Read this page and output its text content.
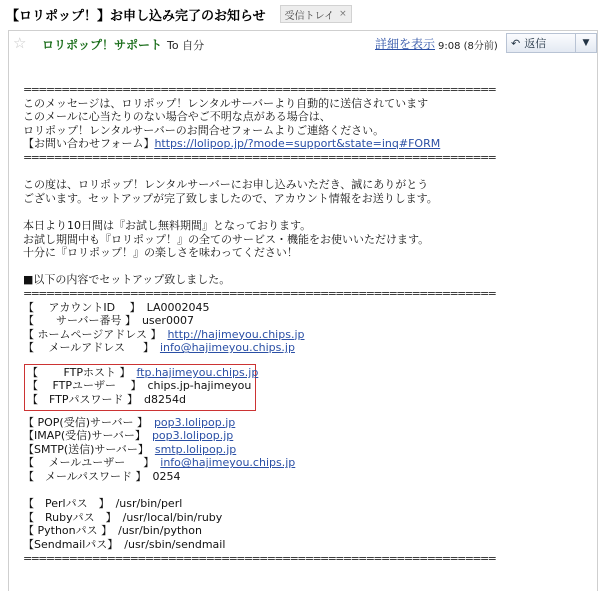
【ロリポップ！】お申し込み完了のお知らせ 受信トレイ ×
☆ ロリポップ！サポート To 自分	詳細を表示 9:08 (8分前) ↶ 返信	▼
==============================================================
このメッセージは、ロリポップ！レンタルサーバーより自動的に送信されています
このメールに心当たりのない場合やご不明な点がある場合は、
ロリポップ！レンタルサーバーのお問合せフォームよりご連絡ください。
【お問い合わせフォーム】https://lolipop.jp/?mode=support&state=inq#FORM
==============================================================
この度は、ロリポップ！レンタルサーバーにお申し込みいただき、誠にありがとう
ございます。セットアップが完了致しましたので、アカウント情報をお送りします。
本日より10日間は『お試し無料期間』となっております。
お試し期間中も『ロリポップ！』の全てのサービス・機能をお使いいただけます。
十分に『ロリポップ！』の楽しさを味わってください！
■以下の内容でセットアップ致しました。
==============================================================
【　 アカウントID　 】 LA0002045
【　　サーバー番号 】 user0007
【 ホームページアドレス 】 http://hajimeyou.chips.jp
【　 メールアドレス　  】 info@hajimeyou.chips.jp
【　　 FTPホスト 】 ftp.hajimeyou.chips.jp
【　 FTPユーザー　 】 chips.jp-hajimeyou
【　FTPパスワード 】 d8254d
【 POP(受信)サーバー 】 pop3.lolipop.jp
【IMAP(受信)サーバー】 pop3.lolipop.jp
【SMTP(送信)サーバー】 smtp.lolipop.jp
【　 メールユーザー　  】 info@hajimeyou.chips.jp
【　メールパスワード 】 0254
【　Perlパス　】 /usr/bin/perl
【　Rubyパス　】 /usr/local/bin/ruby
【 Pythonパス 】 /usr/bin/python
【Sendmailパス】 /usr/sbin/sendmail
==============================================================
